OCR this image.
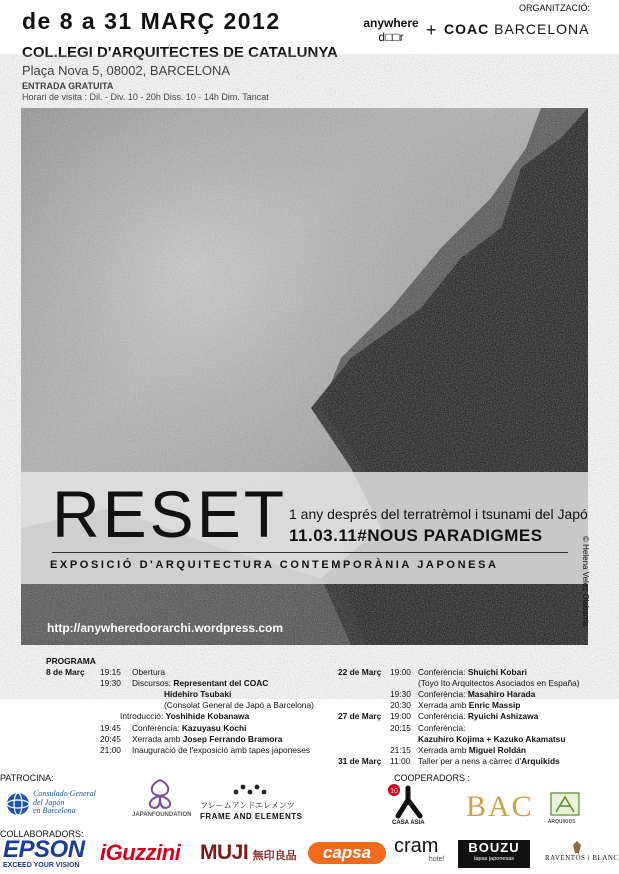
de 8 a 31 MARÇ 2012
COL.LEGI D'ARQUITECTES DE CATALUNYA
Plaça Nova 5, 08002, BARCELONA
ENTRADA GRATUITA
Horari de visita : Dil. - Div. 10 - 20h Diss. 10 - 14h Dim. Tancat
ORGANITZACIÓ:
anywhere
d□□r	+ COAC BARCELONA
RESET 1 any després del terratrèmol i tsunami del Japó
11.03.11#NOUS PARADIGMES
EXPOSICIÓ D'ARQUITECTURA CONTEMPORÀNIA JAPONESA
http://anywheredoorarchi.wordpress.com
© Helena Velez Olabarria
PROGRAMA
8 de Març 19:15 Obertura
19:30 Discursos: Representant del COAC
Hidehiro Tsubaki
(Consolat General de Japó a Barcelona)
Introducció: Yoshihide Kobanawa
19:45 Conferència: Kazuyasu Kochi
20:45 Xerrada amb Josep Ferrando Bramora
21:00 Inauguració de l'exposició amb tapes japoneses
22 de Març 19:00 Conferència: Shuichi Kobari
(Toyo Ito Arquitectos Asociados en España)
19:30 Conferència: Masahiro Harada
20:30 Xerrada amb Enric Massip
27 de Març 19:00 Conferència: Ryuichi Ashizawa
20:15 Conferència:
Kazuhiro Kojima + Kazuko Akamatsu
21:15 Xerrada amb Miguel Roldán
31 de Març 11:00 Taller per a nens a càrrec d'Arquikids
PATROCINA:
Consulado General
del Japón
en Barcelona	JAPANFOUNDATION
フレームアンドエレメンツ
FRAME AND ELEMENTS
COOPERADORS :
10
CASA ASIA BAC	ARQUIKIDS
COLLABORADORS:
EPSON
EXCEED YOUR VISION
iGuzzini MUJI 無印良品	capsa	cram
hotel
BOUZU
tapas japonesas	RAVENTÓS i BLANC
